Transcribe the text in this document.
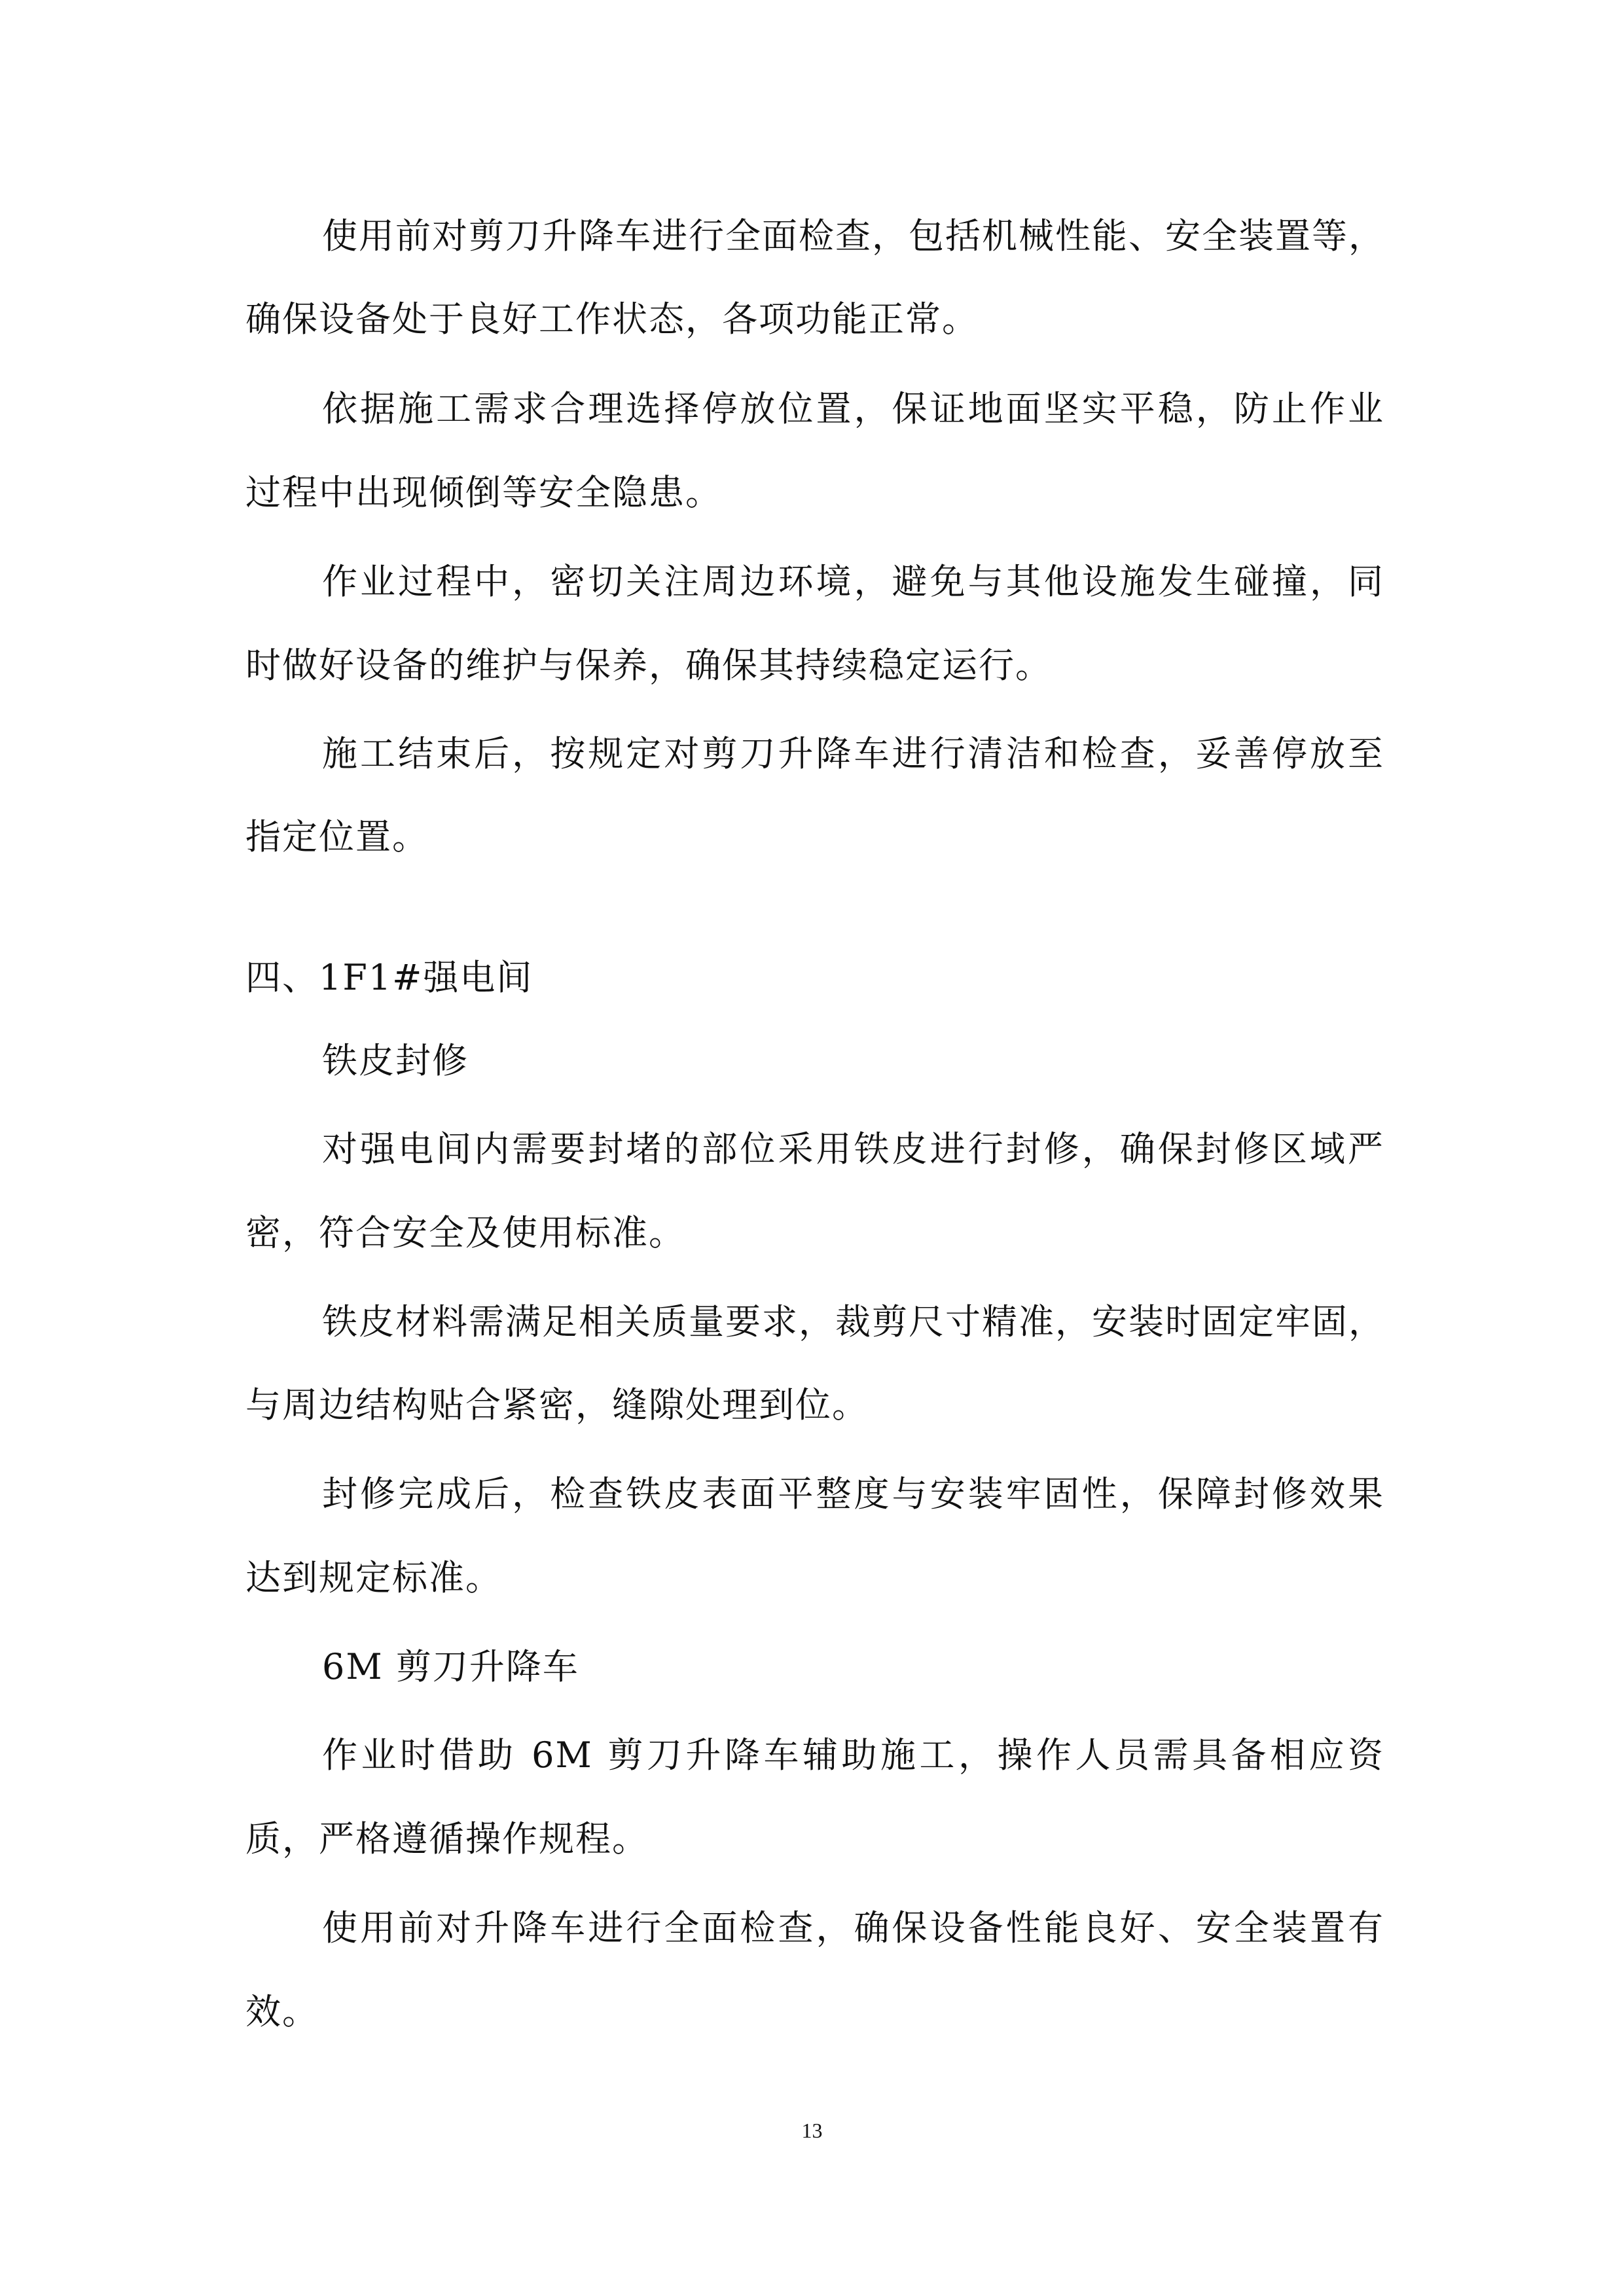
使用前对剪刀升降车进行全面检查，包括机械性能、安全装置等，
确保设备处于良好工作状态，各项功能正常。
依据施工需求合理选择停放位置，保证地面坚实平稳，防止作业
过程中出现倾倒等安全隐患。
作业过程中，密切关注周边环境，避免与其他设施发生碰撞，同
时做好设备的维护与保养，确保其持续稳定运行。
施工结束后，按规定对剪刀升降车进行清洁和检查，妥善停放至
指定位置。
四、1F1#强电间
铁皮封修
对强电间内需要封堵的部位采用铁皮进行封修，确保封修区域严
密，符合安全及使用标准。
铁皮材料需满足相关质量要求，裁剪尺寸精准，安装时固定牢固，
与周边结构贴合紧密，缝隙处理到位。
封修完成后，检查铁皮表面平整度与安装牢固性，保障封修效果
达到规定标准。
6M 剪刀升降车
作业时借助 6M 剪刀升降车辅助施工，操作人员需具备相应资
质，严格遵循操作规程。
使用前对升降车进行全面检查，确保设备性能良好、安全装置有
效。
13
